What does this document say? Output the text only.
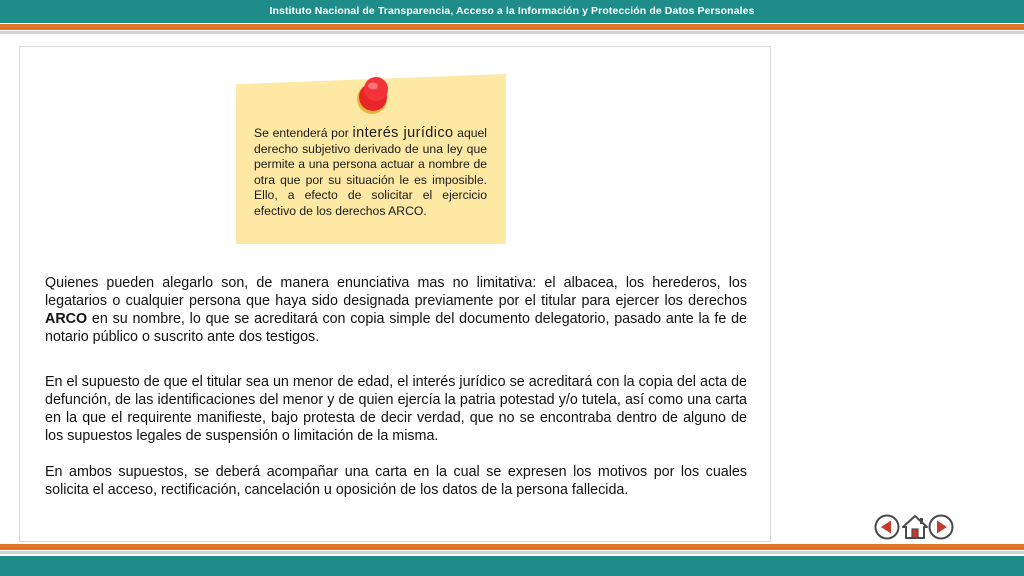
Instituto Nacional de Transparencia, Acceso a la Información y Protección de Datos Personales
Se entenderá por interés jurídico aquel derecho subjetivo derivado de una ley que permite a una persona actuar a nombre de otra que por su situación le es imposible. Ello, a efecto de solicitar el ejercicio efectivo de los derechos ARCO.

Quienes pueden alegarlo son, de manera enunciativa mas no limitativa: el albacea, los herederos, los legatarios o cualquier persona que haya sido designada previamente por el titular para ejercer los derechos ARCO en su nombre, lo que se acreditará con copia simple del documento delegatorio, pasado ante la fe de notario público o suscrito ante dos testigos.

En el supuesto de que el titular sea un menor de edad, el interés jurídico se acreditará con la copia del acta de defunción, de las identificaciones del menor y de quien ejercía la patria potestad y/o tutela, así como una carta en la que el requirente manifieste, bajo protesta de decir verdad, que no se encontraba dentro de alguno de los supuestos legales de suspensión o limitación de la misma.

En ambos supuestos, se deberá acompañar una carta en la cual se expresen los motivos por los cuales solicita el acceso, rectificación, cancelación u oposición de los datos de la persona fallecida.
